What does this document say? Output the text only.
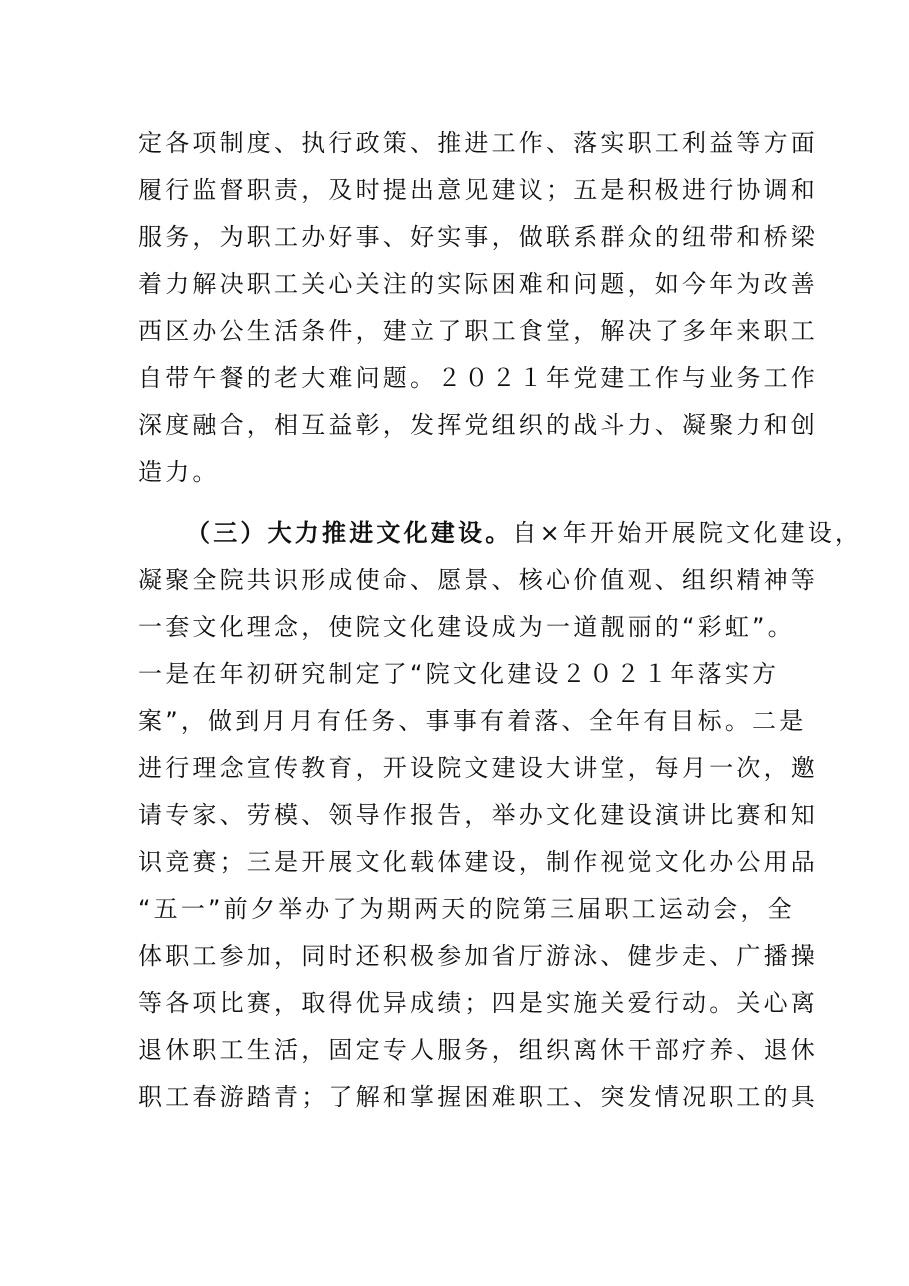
定各项制度、执行政策、推进工作、落实职工利益等方面
履行监督职责，及时提出意见建议；五是积极进行协调和
服务，为职工办好事、好实事，做联系群众的纽带和桥梁
着力解决职工关心关注的实际困难和问题，如今年为改善
西区办公生活条件，建立了职工食堂，解决了多年来职工
自带午餐的老大难问题。２０２１年党建工作与业务工作
深度融合，相互益彰，发挥党组织的战斗力、凝聚力和创
造力。
（三）大力推进文化建设。自×年开始开展院文化建设，
凝聚全院共识形成使命、愿景、核心价值观、组织精神等
一套文化理念，使院文化建设成为一道靓丽的“彩虹”。
一是在年初研究制定了“院文化建设２０２１年落实方
案”，做到月月有任务、事事有着落、全年有目标。二是
进行理念宣传教育，开设院文建设大讲堂，每月一次，邀
请专家、劳模、领导作报告，举办文化建设演讲比赛和知
识竞赛；三是开展文化载体建设，制作视觉文化办公用品
“五一”前夕举办了为期两天的院第三届职工运动会，全
体职工参加，同时还积极参加省厅游泳、健步走、广播操
等各项比赛，取得优异成绩；四是实施关爱行动。关心离
退休职工生活，固定专人服务，组织离休干部疗养、退休
职工春游踏青；了解和掌握困难职工、突发情况职工的具
